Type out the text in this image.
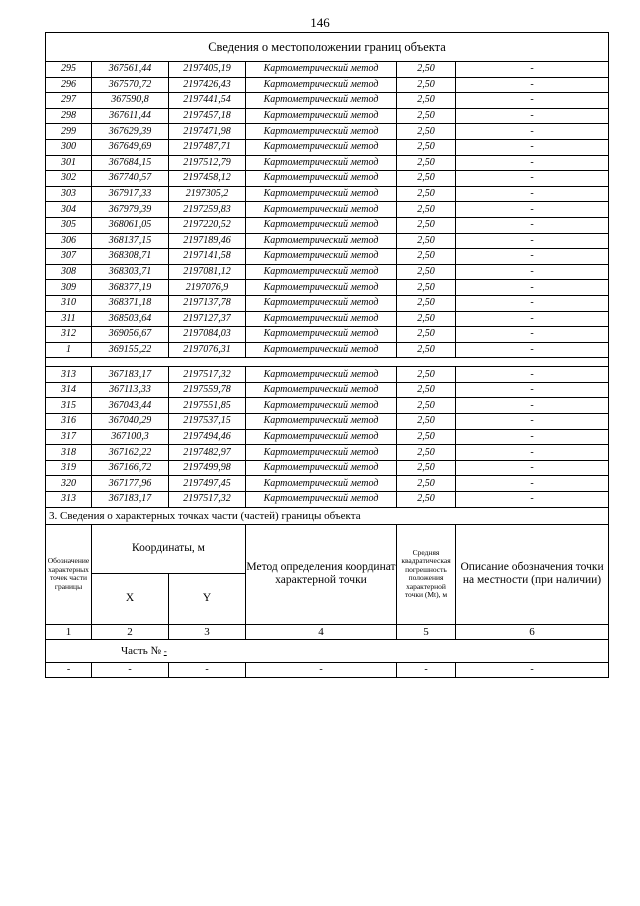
146
Сведения о местоположении границ объекта					
295	367561,44	2197405,19	Картометрический метод	2,50	-
296	367570,72	2197426,43	Картометрический метод	2,50	-
297	367590,8	2197441,54	Картометрический метод	2,50	-
298	367611,44	2197457,18	Картометрический метод	2,50	-
299	367629,39	2197471,98	Картометрический метод	2,50	-
300	367649,69	2197487,71	Картометрический метод	2,50	-
301	367684,15	2197512,79	Картометрический метод	2,50	-
302	367740,57	2197458,12	Картометрический метод	2,50	-
303	367917,33	2197305,2	Картометрический метод	2,50	-
304	367979,39	2197259,83	Картометрический метод	2,50	-
305	368061,05	2197220,52	Картометрический метод	2,50	-
306	368137,15	2197189,46	Картометрический метод	2,50	-
307	368308,71	2197141,58	Картометрический метод	2,50	-
308	368303,71	2197081,12	Картометрический метод	2,50	-
309	368377,19	2197076,9	Картометрический метод	2,50	-
310	368371,18	2197137,78	Картометрический метод	2,50	-
311	368503,64	2197127,37	Картометрический метод	2,50	-
312	369056,67	2197084,03	Картометрический метод	2,50	-
1	369155,22	2197076,31	Картометрический метод	2,50	-

313	367183,17	2197517,32	Картометрический метод	2,50	-
314	367113,33	2197559,78	Картометрический метод	2,50	-
315	367043,44	2197551,85	Картометрический метод	2,50	-
316	367040,29	2197537,15	Картометрический метод	2,50	-
317	367100,3	2197494,46	Картометрический метод	2,50	-
318	367162,22	2197482,97	Картометрический метод	2,50	-
319	367166,72	2197499,98	Картометрический метод	2,50	-
320	367177,96	2197497,45	Картометрический метод	2,50	-
313	367183,17	2197517,32	Картометрический метод	2,50	-
3. Сведения о характерных точках части (частей) границы объекта					
Обозначение характерных точек части границы	Координаты, м		Метод определения координат характерной точки	Средняя квадратическая погрешность положения характерной точки (Мt), м	Описание обозначения точки на местности (при наличии)
	X	Y			
1	2	3	4	5	6
Часть № -					
-	-	-	-	-	-
